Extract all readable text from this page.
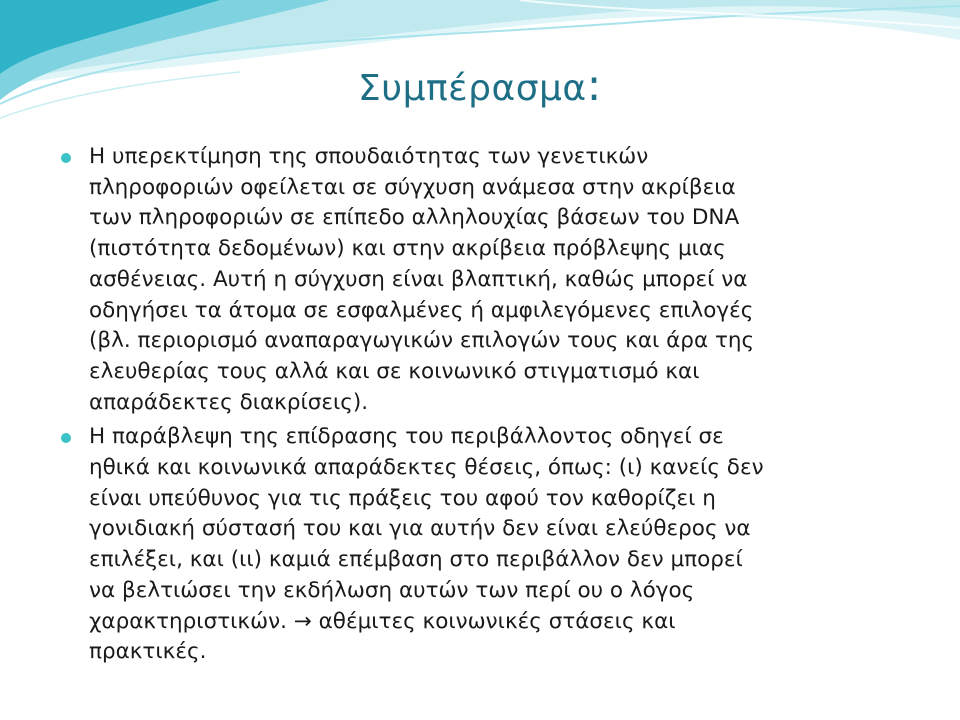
Συμπέρασμα:
Η υπερεκτίμηση της σπουδαιότητας των γενετικών
πληροφοριών οφείλεται σε σύγχυση ανάμεσα στην ακρίβεια
των πληροφοριών σε επίπεδο αλληλουχίας βάσεων του DNA
(πιστότητα δεδομένων) και στην ακρίβεια πρόβλεψης μιας
ασθένειας. Αυτή η σύγχυση είναι βλαπτική, καθώς μπορεί να
οδηγήσει τα άτομα σε εσφαλμένες ή αμφιλεγόμενες επιλογές
(βλ. περιορισμό αναπαραγωγικών επιλογών τους και άρα της
ελευθερίας τους αλλά και σε κοινωνικό στιγματισμό και
απαράδεκτες διακρίσεις).
Η παράβλεψη της επίδρασης του περιβάλλοντος οδηγεί σε
ηθικά και κοινωνικά απαράδεκτες θέσεις, όπως: (ι) κανείς δεν
είναι υπεύθυνος για τις πράξεις του αφού τον καθορίζει η
γονιδιακή σύστασή του και για αυτήν δεν είναι ελεύθερος να
επιλέξει, και (ιι) καμιά επέμβαση στο περιβάλλον δεν μπορεί
να βελτιώσει την εκδήλωση αυτών των περί ου ο λόγος
χαρακτηριστικών. → αθέμιτες κοινωνικές στάσεις και
πρακτικές.
